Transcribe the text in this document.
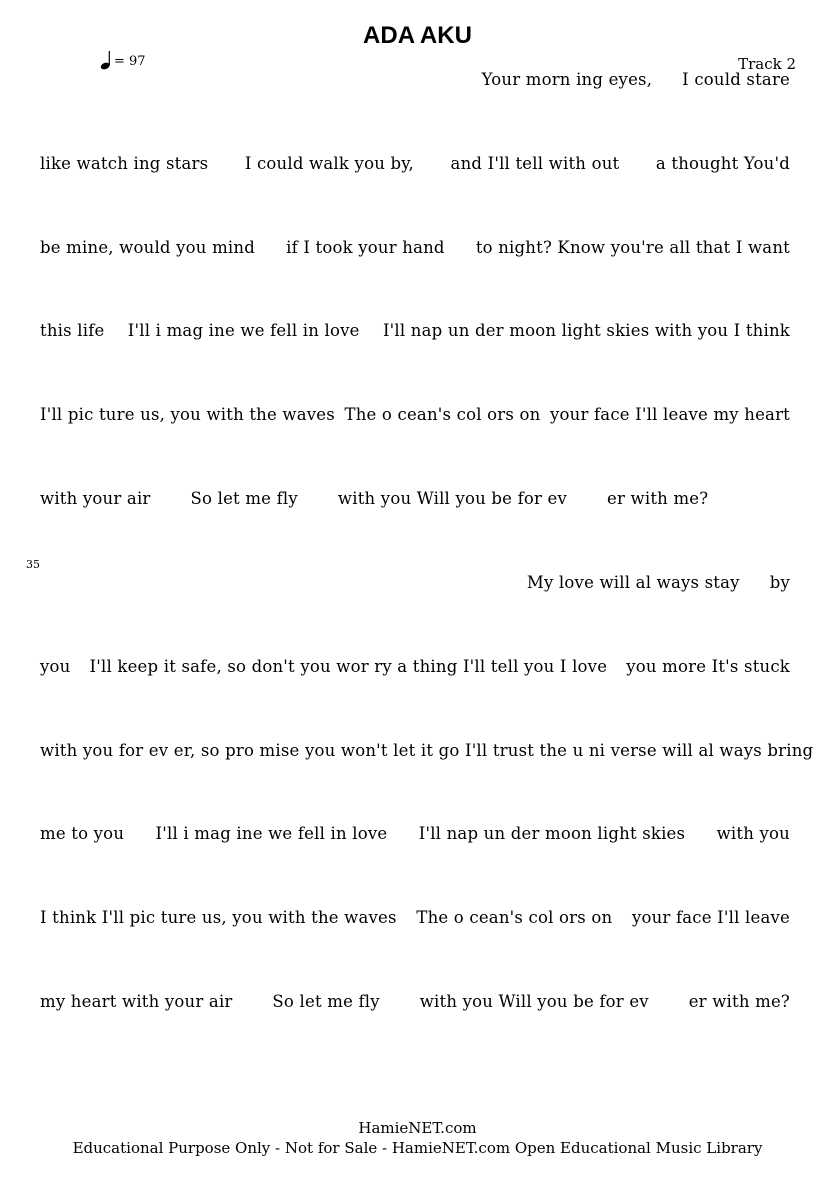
ADA AKU
= 97	Track 2
35
Your morn ing eyes, I could stare
like watch ing stars I could walk you by, and I'll tell with out a thought You'd
be mine, would you mind if I took your hand to night? Know you're all that I want
this life I'll i mag ine we fell in love I'll nap un der moon light skies with you I think
I'll pic ture us, you with the waves The o cean's col ors on your face I'll leave my heart
with your air So let me fly with you Will you be for ev er with me?
My love will al ways stay by
you I'll keep it safe, so don't you wor ry a thing I'll tell you I love you more It's stuck
with you for ev er, so pro mise you won't let it go I'll trust the u ni verse will al ways bring
me to you I'll i mag ine we fell in love I'll nap un der moon light skies with you
I think I'll pic ture us, you with the waves The o cean's col ors on your face I'll leave
my heart with your air So let me fly with you Will you be for ev er with me?
HamieNET.com
Educational Purpose Only - Not for Sale - HamieNET.com Open Educational Music Library
